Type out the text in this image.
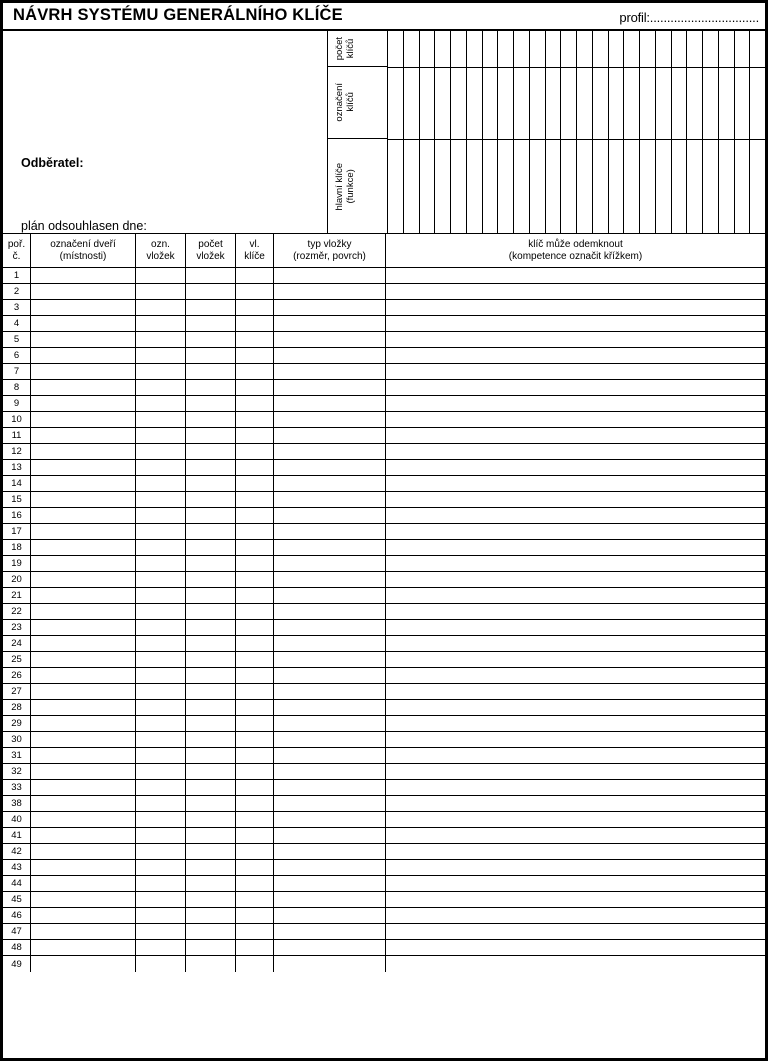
NÁVRH SYSTÉMU GENERÁLNÍHO KLÍČE	profil:................................
Odběratel:
plán odsouhlasen dne:
počet
klíčů
označení
klíčů
hlavní klíče
(funkce)
poř.
č.
označení dveří
(místnosti)
ozn.
vložek
počet
vložek
vl.
klíče
typ vložky
(rozměr, povrch)
klíč může odemknout
(kompetence označit křížkem)
1
2
3
4
5
6
7
8
9
10
11
12
13
14
15
16
17
18
19
20
21
22
23
24
25
26
27
28
29
30
31
32
33
38
40
41
42
43
44
45
46
47
48
49
